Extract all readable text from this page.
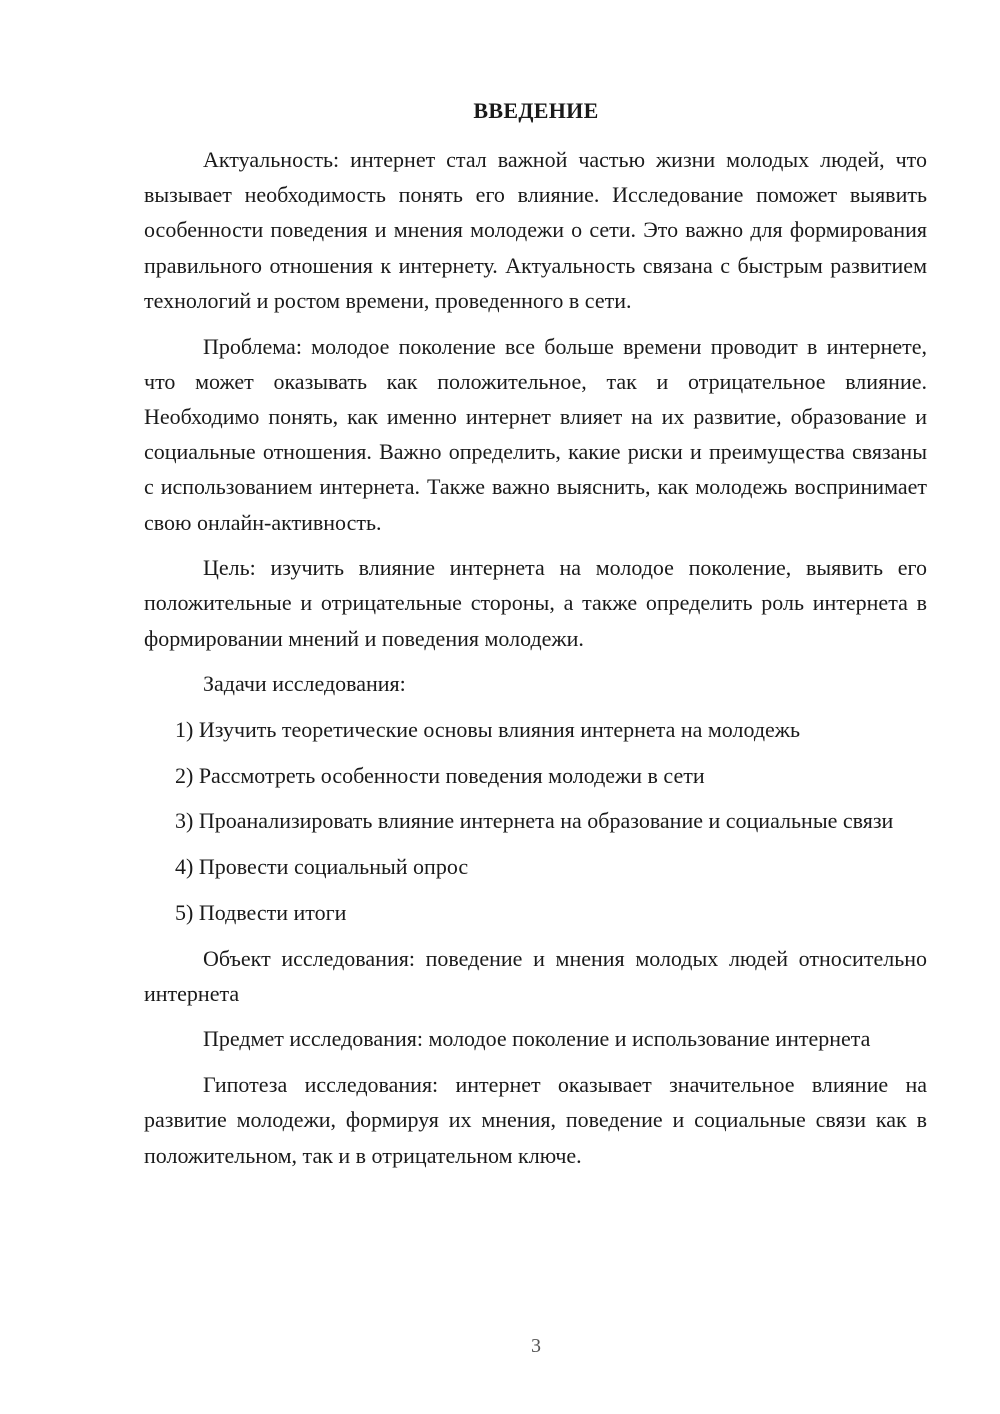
ВВЕДЕНИЕ

Актуальность: интернет стал важной частью жизни молодых людей, что вызывает необходимость понять его влияние. Исследование поможет выявить особенности поведения и мнения молодежи о сети. Это важно для формирования правильного отношения к интернету. Актуальность связана с быстрым развитием технологий и ростом времени, проведенного в сети.

Проблема: молодое поколение все больше времени проводит в интернете, что может оказывать как положительное, так и отрицательное влияние. Необходимо понять, как именно интернет влияет на их развитие, образование и социальные отношения. Важно определить, какие риски и преимущества связаны с использованием интернета. Также важно выяснить, как молодежь воспринимает свою онлайн-активность.

Цель: изучить влияние интернета на молодое поколение, выявить его положительные и отрицательные стороны, а также определить роль интернета в формировании мнений и поведения молодежи.

Задачи исследования:

1) Изучить теоретические основы влияния интернета на молодежь

2) Рассмотреть особенности поведения молодежи в сети

3) Проанализировать влияние интернета на образование и социальные связи

4) Провести социальный опрос

5) Подвести итоги

Объект исследования: поведение и мнения молодых людей относительно интернета

Предмет исследования: молодое поколение и использование интернета

Гипотеза исследования: интернет оказывает значительное влияние на развитие молодежи, формируя их мнения, поведение и социальные связи как в положительном, так и в отрицательном ключе.

3
